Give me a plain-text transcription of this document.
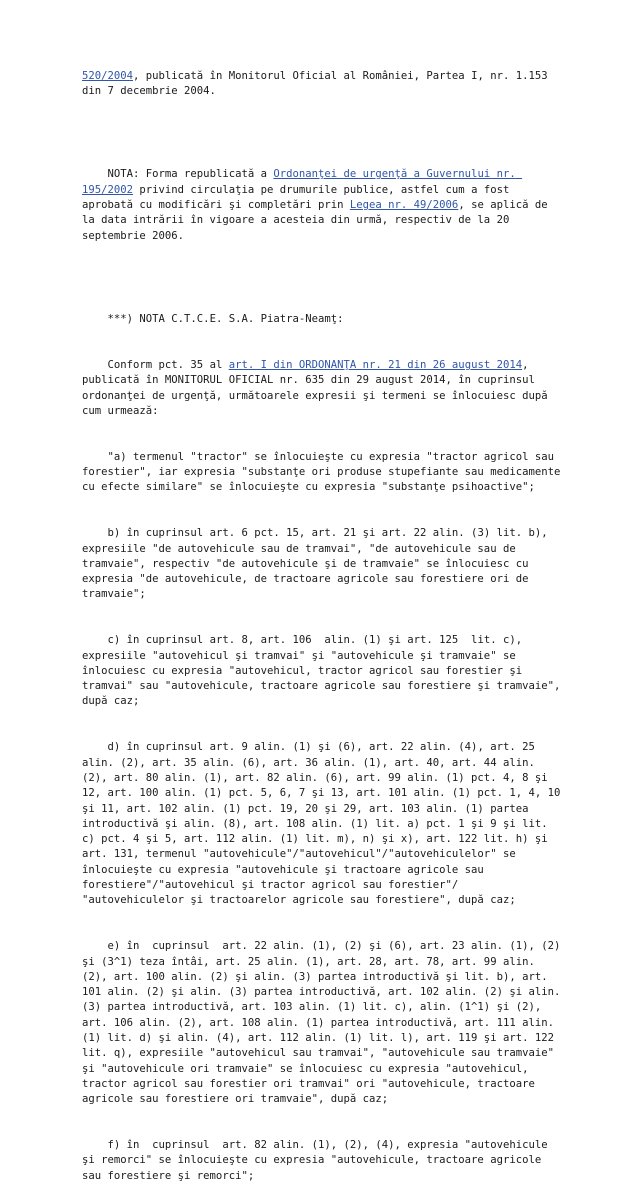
520/2004, publicată în Monitorul Oficial al României, Partea I, nr. 1.153 din 7 decembrie 2004.

NOTA: Forma republicată a Ordonanţei de urgenţă a Guvernului nr. 195/2002 privind circulaţia pe drumurile publice, astfel cum a fost aprobată cu modificări şi completări prin Legea nr. 49/2006, se aplică de la data intrării în vigoare a acesteia din urmă, respectiv de la 20 septembrie 2006.

***) NOTA C.T.C.E. S.A. Piatra-Neamţ:

Conform pct. 35 al art. I din ORDONANŢA nr. 21 din 26 august 2014, publicată în MONITORUL OFICIAL nr. 635 din 29 august 2014, în cuprinsul ordonanţei de urgenţă, următoarele expresii şi termeni se înlocuiesc după cum urmează:

"a) termenul "tractor" se înlocuieşte cu expresia "tractor agricol sau forestier", iar expresia "substanţe ori produse stupefiante sau medicamente cu efecte similare" se înlocuieşte cu expresia "substanţe psihoactive";

b) în cuprinsul art. 6 pct. 15, art. 21 şi art. 22 alin. (3) lit. b), expresiile "de autovehicule sau de tramvai", "de autovehicule sau de tramvaie", respectiv "de autovehicule şi de tramvaie" se înlocuiesc cu expresia "de autovehicule, de tractoare agricole sau forestiere ori de tramvaie";

c) în cuprinsul art. 8, art. 106  alin. (1) şi art. 125  lit. c), expresiile "autovehicul şi tramvai" şi "autovehicule şi tramvaie" se înlocuiesc cu expresia "autovehicul, tractor agricol sau forestier şi tramvai" sau "autovehicule, tractoare agricole sau forestiere şi tramvaie", după caz;

d) în cuprinsul art. 9 alin. (1) şi (6), art. 22 alin. (4), art. 25 alin. (2), art. 35 alin. (6), art. 36 alin. (1), art. 40, art. 44 alin. (2), art. 80 alin. (1), art. 82 alin. (6), art. 99 alin. (1) pct. 4, 8 şi 12, art. 100 alin. (1) pct. 5, 6, 7 şi 13, art. 101 alin. (1) pct. 1, 4, 10 şi 11, art. 102 alin. (1) pct. 19, 20 şi 29, art. 103 alin. (1) partea introductivă şi alin. (8), art. 108 alin. (1) lit. a) pct. 1 şi 9 şi lit. c) pct. 4 şi 5, art. 112 alin. (1) lit. m), n) şi x), art. 122 lit. h) şi art. 131, termenul "autovehicule"/"autovehicul"/"autovehiculelor" se înlocuieşte cu expresia "autovehicule şi tractoare agricole sau forestiere"/"autovehicul şi tractor agricol sau forestier"/ "autovehiculelor şi tractoarelor agricole sau forestiere", după caz;

e) în  cuprinsul  art. 22 alin. (1), (2) şi (6), art. 23 alin. (1), (2) şi (3^1) teza întâi, art. 25 alin. (1), art. 28, art. 78, art. 99 alin. (2), art. 100 alin. (2) şi alin. (3) partea introductivă şi lit. b), art. 101 alin. (2) şi alin. (3) partea introductivă, art. 102 alin. (2) şi alin. (3) partea introductivă, art. 103 alin. (1) lit. c), alin. (1^1) şi (2), art. 106 alin. (2), art. 108 alin. (1) partea introductivă, art. 111 alin. (1) lit. d) şi alin. (4), art. 112 alin. (1) lit. l), art. 119 şi art. 122 lit. q), expresiile "autovehicul sau tramvai", "autovehicule sau tramvaie" şi "autovehicule ori tramvaie" se înlocuiesc cu expresia "autovehicul, tractor agricol sau forestier ori tramvai" ori "autovehicule, tractoare agricole sau forestiere ori tramvaie", după caz;

f) în  cuprinsul  art. 82 alin. (1), (2), (4), expresia "autovehicule şi remorci" se înlocuieşte cu expresia "autovehicule, tractoare agricole sau forestiere şi remorci";
